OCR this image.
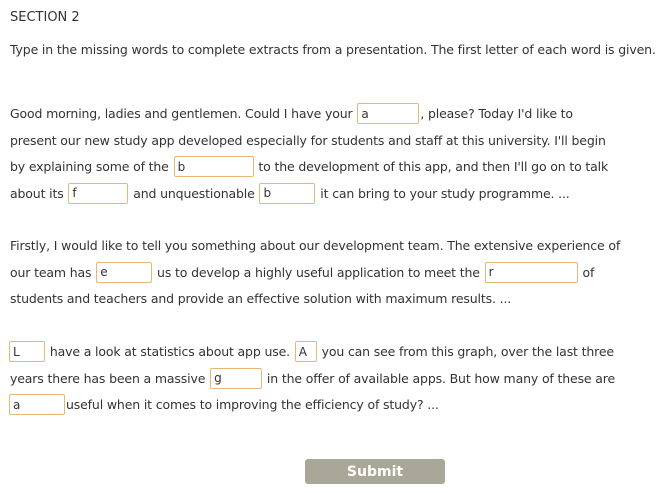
SECTION 2
Type in the missing words to complete extracts from a presentation. The first letter of each word is given.
Good morning, ladies and gentlemen. Could I have your a	, please? Today I'd like to
present our new study app developed especially for students and staff at this university. I'll begin
by explaining some of the b	to the development of this app, and then I'll go on to talk
about its f	and unquestionable b	it can bring to your study programme. ...
Firstly, I would like to tell you something about our development team. The extensive experience of
our team has e	us to develop a highly useful application to meet the r	of
students and teachers and provide an effective solution with maximum results. ...
L have a look at statistics about app use. A	you can see from this graph, over the last three
years there has been a massive g	in the offer of available apps. But how many of these are
auseful when it comes to improving the efficiency of study? ...
Submit
